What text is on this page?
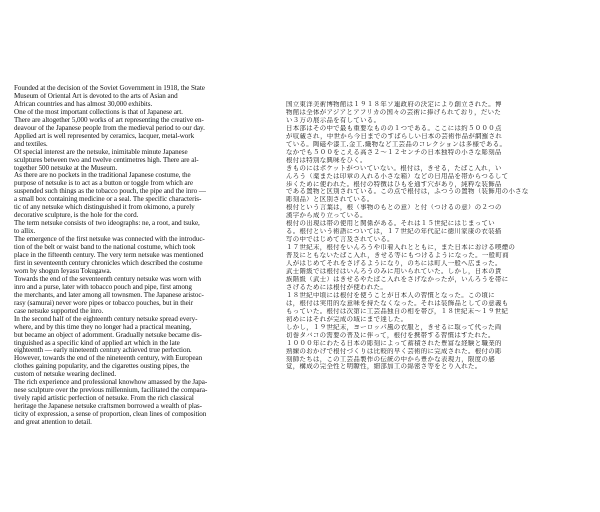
Founded at the decision of the Soviet Government in 1918, the State
Museum of Oriental Art is devoted to the arts of Asian and
African countries and has almost 30,000 exhibits.
One of the most important collections is that of Japanese art.
There are altogether 5,000 works of art representing the creative en-
deavour of the Japanese people from the medieval period to our day.
Applied art is well represented by ceramics, lacquer, metal-work
and textiles.
Of special interest are the netsuke, inimitable minute Japanese
sculptures between two and twelve centimetres high. There are al-
together 500 netsuke at the Museum.
As there are no pockets in the traditional Japanese costume, the
purpose of netsuke is to act as a button or toggle from which are
suspended such things as the tobacco pouch, the pipe and the inro —
a small box containing medicine or a seal. The specific characteris-
tic of any netsuke which distinguished it from okimono, a purely
decorative sculpture, is the hole for the cord.
The term netsuke consists of two ideographs: ne, a root, and tsuke,
to allix.
The emergence of the first netsuke was connected with the introduc-
tion of the belt or waist band to the national costume, which took
place in the fifteenth century. The very term netsuke was mentioned
first in seventeenth century chronicles which described the costume
worn by shogun Ieyasu Tokugawa.
Towards the end of the seventeenth century netsuke was worn with
inro and a purse, later with tobacco pouch and pipe, first among
the merchants, and later among all townsmen. The Japanese aristoc-
rasy (samurai) never wore pipes or tobacco pouches, but in their
case netsuke supported the inro.
In the second half of the eighteenth century netsuke spread every-
where, and by this time they no longer had a practical meaning,
but became an object of adornment. Gradually netsuke became dis-
tinguished as a specific kind of applied art which in the late
eighteenth — early nineteenth century achieved true perfection.
However, towards the end of the nineteenth century, with European
clothes gaining popularity, and the cigarettes ousting pipes, the
custom of netsuke wearing declined.
The rich experience and professional knowhow amassed by the Japa-
nese sculpture over the previous millennium, facilitated the compara-
tively rapid artistic perfection of netsuke. From the rich classical
heritage the Japanese netsuke craftsmen borrowed a wealth of plas-
ticity of expression, a sense of proportion, clean lines of composition
and great attention to detail.
国立東洋美術博物館は１９１８年ソ連政府の決定により創立された。博
物館は全体がアジアとアフリカの国々の芸術に捧げられており，だいた
い３万の展示品を有している。
日本部はその中で最も重要なものの１つである。ここには約５０００点
が収蔵され，中世から今日までのすばらしい日本の芸術作品が網羅され
ている。陶磁や漆工,金工,織物など工芸品のコレクションは多様である。
なかでも５００をこえる高さ２～１２センチの日本独特の小さな彫刻品
根付は特別な興味をひく。
きものにはポケットがついていない。根付は，きせる，たばこ入れ，い
んろう（薬または印章の入れる小さな箱）などの日用品を帯からつるして
歩くために使われた。根付の特徴はひもを通す穴があり，純粋な装飾品
である置物と区別されている。この点で根付は，ふつうの置物（装飾用の小さな
彫刻品）と区別されている。
根付という言葉は，根（事物のもとの意）と付（つけるの意）の２つの
漢字から成り立っている。
根付の出現は帯の使用と関係がある。それは１５世紀にはじまってい
る。根付という術語については，１７世紀の年代記に徳川家康の衣装描
写の中ではじめて言及されている。
１７世紀末，根付をいんろうや巾着入れとともに，また日本における喫煙の
普及にともないたばこ入れ，きせる等にもつけるようになった。一般町商
人がはじめてそれをさげるようになり，のちには町人一般へ広まった。
武士階級では根付はいんろうのみに用いられていた。しかし，日本の貴
族階級（武士）はきせるやたばこ入れをさげなかったが，いんろうを帯に
さげるためには根付が使われた。
１８世紀中頃には根付を使うことが日本人の習慣となった。この頃に
は，根付は実用的な意味を持たなくなった。それは装飾品としての意義も
もっていた。根付は次第に工芸品独自の相を帯び，１８世紀末～１９世紀
初めにはそれが完成の域にまで達した。
しかし，１９世紀末，ヨーロッパ風の衣服と，きせるに取って代った両
切巻タバコの需要の普及に伴って，根付を携帯する習慣はすたれた。
１０００年にわたる日本の彫刻によって蓄積された豊富な経験と職業的
熟練のおかげで根付づくりは比較的早く芸術的に完成された。根付の彫
刻師たちは，この工芸品製作の伝統の中から豊かな表現力，限度の感
覚，構成の完全性と明瞭性，細部加工の綿密さ等をとり入れた。
